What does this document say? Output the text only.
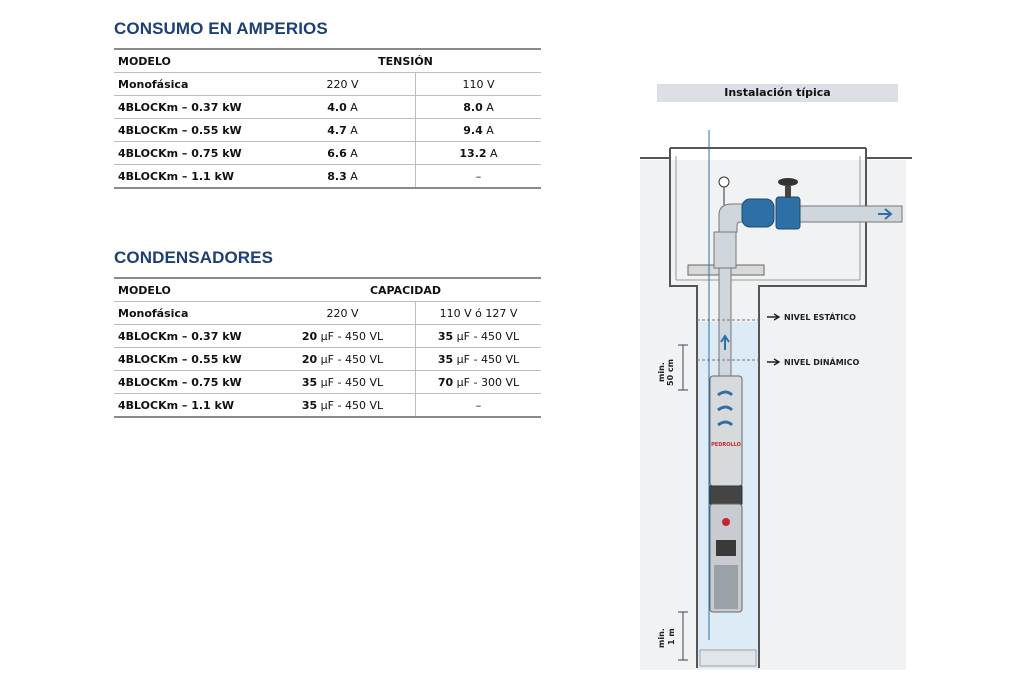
CONSUMO EN AMPERIOS
MODELO	TENSIÓN	
Monofásica	220 V	110 V
4BLOCKm – 0.37 kW	4.0 A	8.0 A
4BLOCKm – 0.55 kW	4.7 A	9.4 A
4BLOCKm – 0.75 kW	6.6 A	13.2 A
4BLOCKm – 1.1 kW	8.3 A	–
CONDENSADORES
MODELO	CAPACIDAD	
Monofásica	220 V	110 V ó 127 V
4BLOCKm – 0.37 kW	20 μF - 450 VL	35 μF - 450 VL
4BLOCKm – 0.55 kW	20 μF - 450 VL	35 μF - 450 VL
4BLOCKm – 0.75 kW	35 μF - 450 VL	70 μF - 300 VL
4BLOCKm – 1.1 kW	35 μF - 450 VL	–
Instalación típica
NIVEL ESTÁTICO
NIVEL DINÁMICO
min. 50 cm
min. 1 m
PEDROLLO
